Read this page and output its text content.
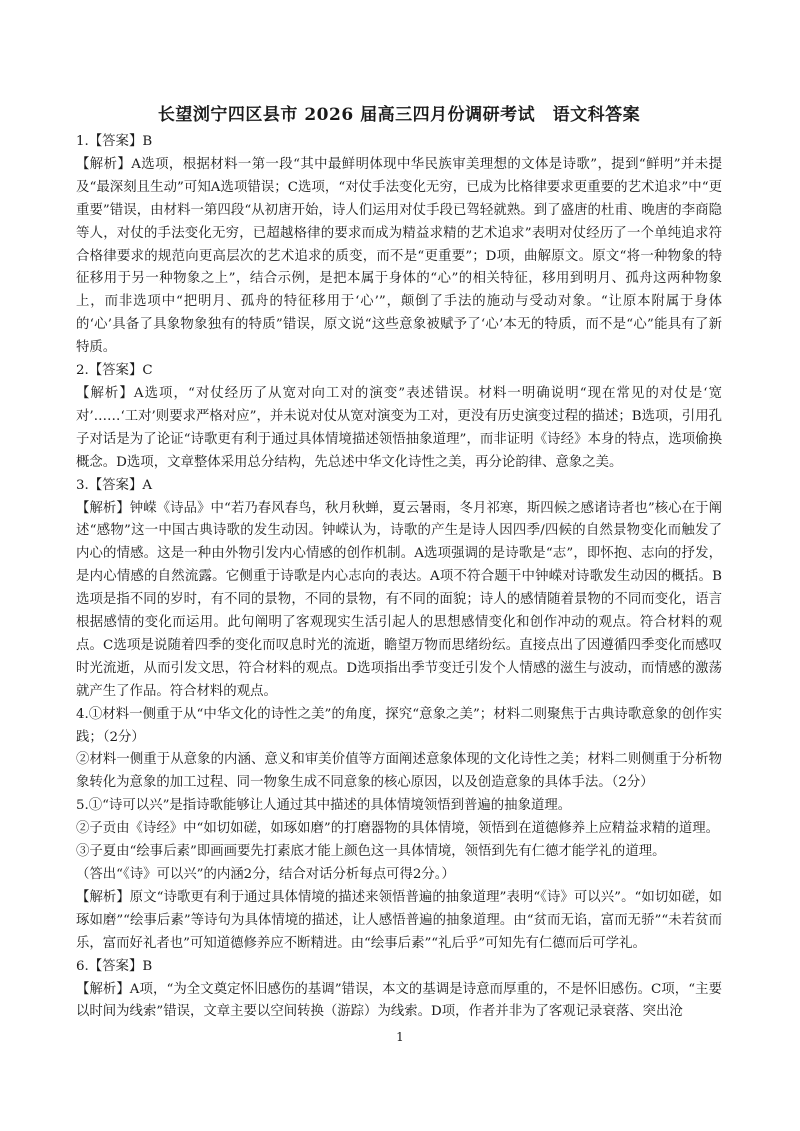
长望浏宁四区县市 2026 届高三四月份调研考试　语文科答案

1.【答案】B

【解析】A选项，根据材料一第一段“其中最鲜明体现中华民族审美理想的文体是诗歌”，提到“鲜明”并未提及“最深刻且生动”可知A选项错误；C选项，“对仗手法变化无穷，已成为比格律要求更重要的艺术追求”中“更重要”错误，由材料一第四段“从初唐开始，诗人们运用对仗手段已驾轻就熟。到了盛唐的杜甫、晚唐的李商隐等人，对仗的手法变化无穷，已超越格律的要求而成为精益求精的艺术追求”表明对仗经历了一个单纯追求符合格律要求的规范向更高层次的艺术追求的质变，而不是“更重要”；D项，曲解原文。原文“将一种物象的特征移用于另一种物象之上”，结合示例，是把本属于身体的“心”的相关特征，移用到明月、孤舟这两种物象上，而非选项中“把明月、孤舟的特征移用于‘心’”，颠倒了手法的施动与受动对象。“让原本附属于身体的‘心’具备了具象物象独有的特质”错误，原文说“这些意象被赋予了‘心’本无的特质，而不是“心”能具有了新特质。

2.【答案】C

【解析】A选项，“对仗经历了从宽对向工对的演变”表述错误。材料一明确说明“现在常见的对仗是‘宽对’……‘工对’则要求严格对应”，并未说对仗从宽对演变为工对，更没有历史演变过程的描述；B选项，引用孔子对话是为了论证“诗歌更有利于通过具体情境描述领悟抽象道理”，而非证明《诗经》本身的特点，选项偷换概念。D选项，文章整体采用总分结构，先总述中华文化诗性之美，再分论韵律、意象之美。

3.【答案】A

【解析】钟嵘《诗品》中“若乃春风春鸟，秋月秋蝉，夏云暑雨，冬月祁寒，斯四候之感诸诗者也”核心在于阐述“感物”这一中国古典诗歌的发生动因。钟嵘认为，诗歌的产生是诗人因四季/四候的自然景物变化而触发了内心的情感。这是一种由外物引发内心情感的创作机制。A选项强调的是诗歌是“志”，即怀抱、志向的抒发，是内心情感的自然流露。它侧重于诗歌是内心志向的表达。A项不符合题干中钟嵘对诗歌发生动因的概括。B选项是指不同的岁时，有不同的景物，不同的景物，有不同的面貌；诗人的感情随着景物的不同而变化，语言根据感情的变化而运用。此句阐明了客观现实生活引起人的思想感情变化和创作冲动的观点。符合材料的观点。C选项是说随着四季的变化而叹息时光的流逝，瞻望万物而思绪纷纭。直接点出了因遵循四季变化而感叹时光流逝，从而引发文思，符合材料的观点。D选项指出季节变迁引发个人情感的滋生与波动，而情感的激荡就产生了作品。符合材料的观点。

4.①材料一侧重于从“中华文化的诗性之美”的角度，探究“意象之美”；材料二则聚焦于古典诗歌意象的创作实践；（2分）

②材料一侧重于从意象的内涵、意义和审美价值等方面阐述意象体现的文化诗性之美；材料二则侧重于分析物象转化为意象的加工过程、同一物象生成不同意象的核心原因，以及创造意象的具体手法。（2分）

5.①“诗可以兴”是指诗歌能够让人通过其中描述的具体情境领悟到普遍的抽象道理。

②子贡由《诗经》中“如切如磋，如琢如磨”的打磨器物的具体情境，领悟到在道德修养上应精益求精的道理。

③子夏由“绘事后素”即画画要先打素底才能上颜色这一具体情境，领悟到先有仁德才能学礼的道理。

（答出“《诗》可以兴”的内涵2分，结合对话分析每点可得2分。）

【解析】原文“诗歌更有利于通过具体情境的描述来领悟普遍的抽象道理”表明“《诗》可以兴”。“如切如磋，如琢如磨”“绘事后素”等诗句为具体情境的描述，让人感悟普遍的抽象道理。由“贫而无谄，富而无骄”“未若贫而乐，富而好礼者也”可知道德修养应不断精进。由“绘事后素”“礼后乎”可知先有仁德而后可学礼。

6.【答案】B

【解析】A项，“为全文奠定怀旧感伤的基调”错误，本文的基调是诗意而厚重的，不是怀旧感伤。C项，“主要以时间为线索”错误，文章主要以空间转换（游踪）为线索。D项，作者并非为了客观记录衰落、突出沧

1
